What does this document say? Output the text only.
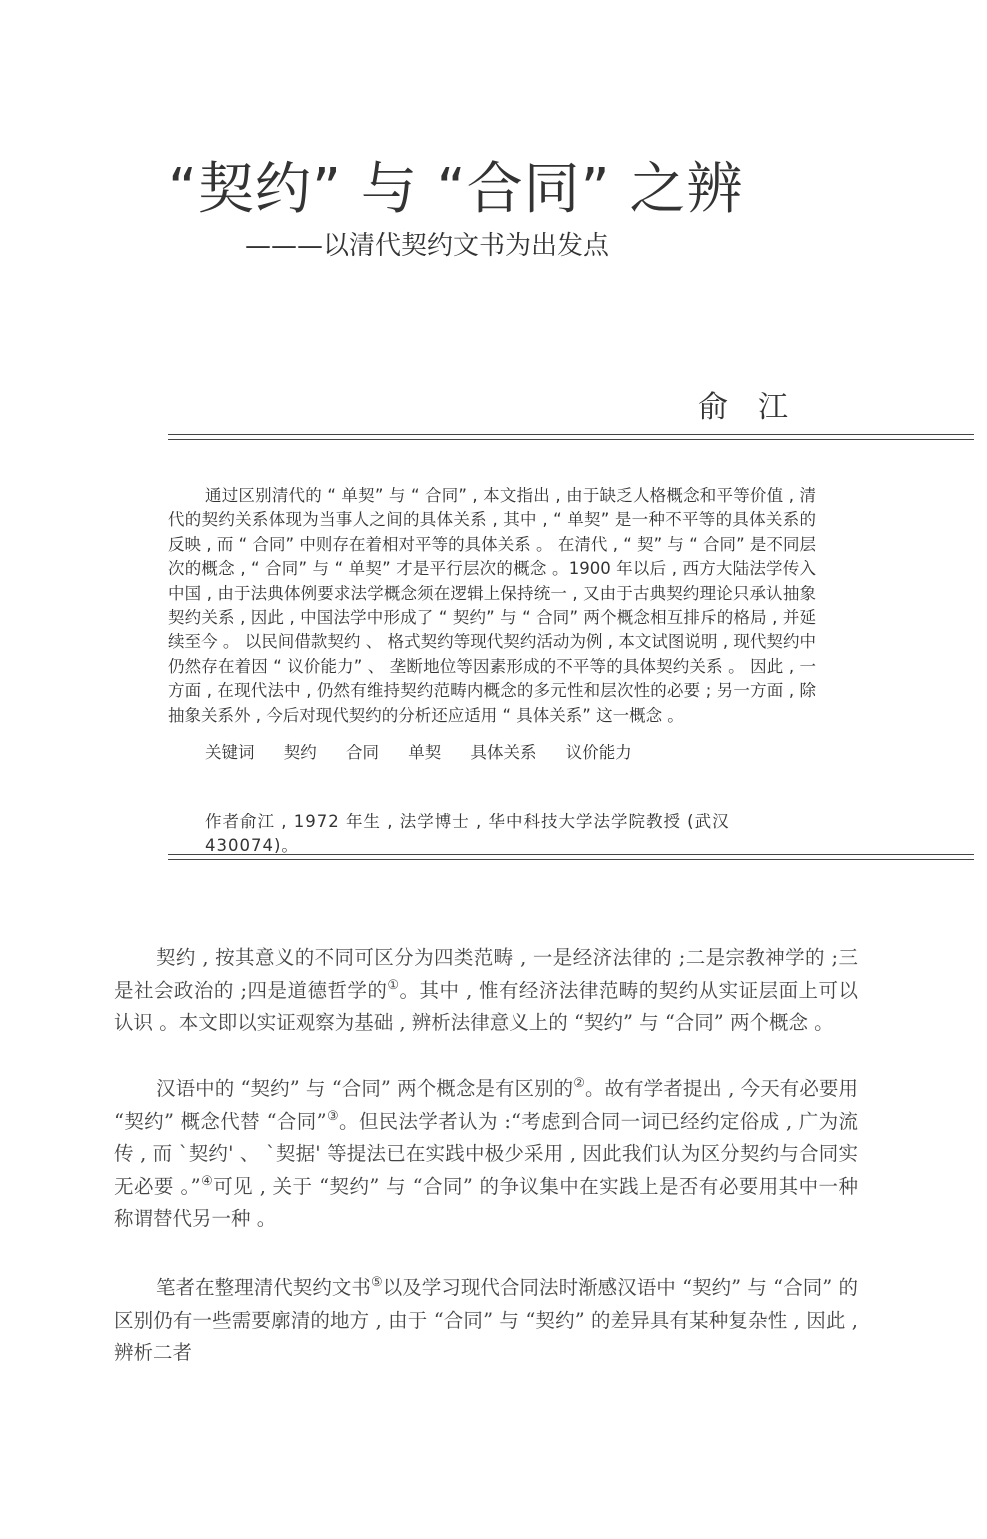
“契约” 与 “合同” 之辨
———以清代契约文书为出发点
俞江

通过区别清代的 “ 单契” 与 “ 合同” , 本文指出 , 由于缺乏人格概念和平等价值 , 清代的契约关系体现为当事人之间的具体关系 , 其中 , “ 单契” 是一种不平等的具体关系的反映 , 而 “ 合同” 中则存在着相对平等的具体关系 。 在清代 , “ 契” 与 “ 合同” 是不同层次的概念 , “ 合同” 与 “ 单契” 才是平行层次的概念 。1900 年以后 , 西方大陆法学传入中国 , 由于法典体例要求法学概念须在逻辑上保持统一 , 又由于古典契约理论只承认抽象契约关系 , 因此 , 中国法学中形成了 “ 契约” 与 “ 合同” 两个概念相互排斥的格局 , 并延续至今 。 以民间借款契约 、 格式契约等现代契约活动为例 , 本文试图说明 , 现代契约中仍然存在着因 “ 议价能力” 、 垄断地位等因素形成的不平等的具体契约关系 。 因此 , 一方面 , 在现代法中 , 仍然有维持契约范畴内概念的多元性和层次性的必要 ; 另一方面 , 除抽象关系外 , 今后对现代契约的分析还应适用 “ 具体关系” 这一概念 。

关键词 契约 合同 单契 具体关系 议价能力

作者俞江 , 1972 年生 , 法学博士 , 华中科技大学法学院教授 (武汉 430074)。

契约 , 按其意义的不同可区分为四类范畴 , 一是经济法律的 ;二是宗教神学的 ;三是社会政治的 ;四是道德哲学的①。其中 , 惟有经济法律范畴的契约从实证层面上可以认识 。本文即以实证观察为基础 , 辨析法律意义上的 “契约” 与 “合同” 两个概念 。

汉语中的 “契约” 与 “合同” 两个概念是有区别的②。故有学者提出 , 今天有必要用 “契约” 概念代替 “合同”③。但民法学者认为 :“考虑到合同一词已经约定俗成 , 广为流传 , 而 `契约' 、 `契据' 等提法已在实践中极少采用 , 因此我们认为区分契约与合同实无必要 。”④可见 , 关于 “契约” 与 “合同” 的争议集中在实践上是否有必要用其中一种称谓替代另一种 。

笔者在整理清代契约文书⑤以及学习现代合同法时渐感汉语中 “契约” 与 “合同” 的区别仍有一些需要廓清的地方 , 由于 “合同” 与 “契约” 的差异具有某种复杂性 , 因此 , 辨析二者
